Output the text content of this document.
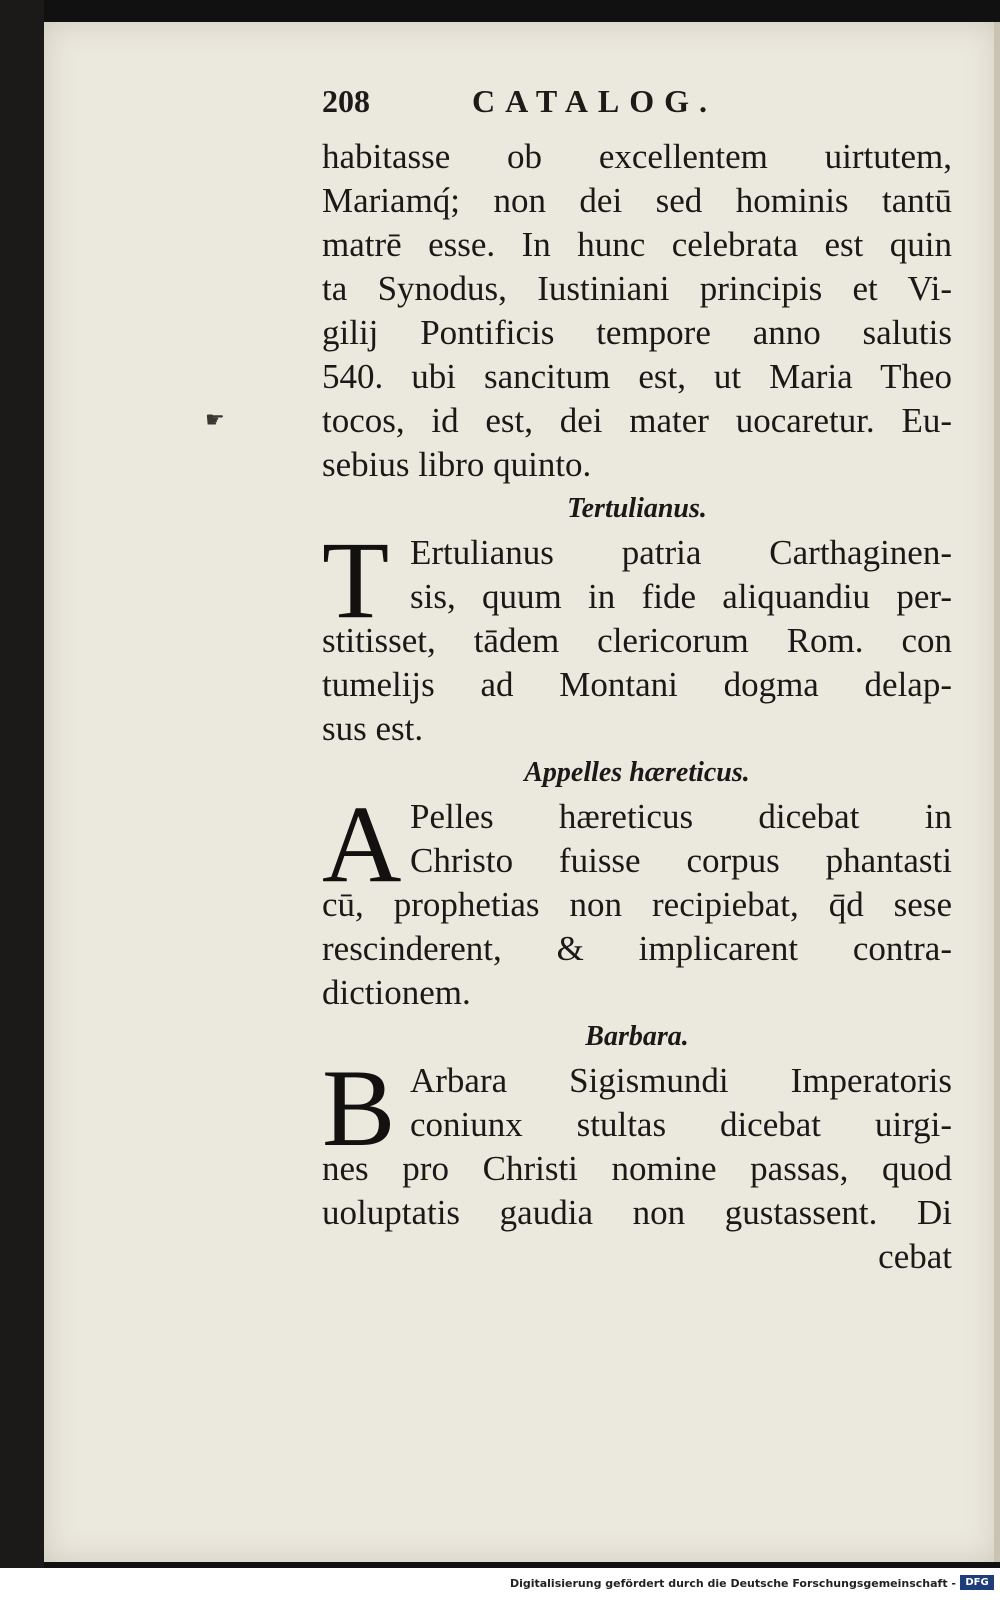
208	CATALOG.
☛
habitasse ob excellentem uirtutem,
Mariamq́; non dei sed hominis tantū
matrē esse. In hunc celebrata est quin
ta Synodus, Iustiniani principis et Vi-
gilij Pontificis tempore anno salutis
540. ubi sancitum est, ut Maria Theo
tocos, id est, dei mater uocaretur. Eu-
sebius libro quinto.
Tertulianus.
T Ertulianus patria Carthaginen-
sis, quum in fide aliquandiu per-
stitisset, tādem clericorum Rom. con
tumelijs ad Montani dogma delap-
sus est.
Appelles hæreticus.
A Pelles hæreticus dicebat in
Christo fuisse corpus phantasti
cū, prophetias non recipiebat, q̄d sese
rescinderent, & implicarent contra-
dictionem.
Barbara.
B Arbara Sigismundi Imperatoris
coniunx stultas dicebat uirgi-
nes pro Christi nomine passas, quod
uoluptatis gaudia non gustassent. Di
cebat
Digitalisierung gefördert durch die Deutsche Forschungsgemeinschaft - DFG
